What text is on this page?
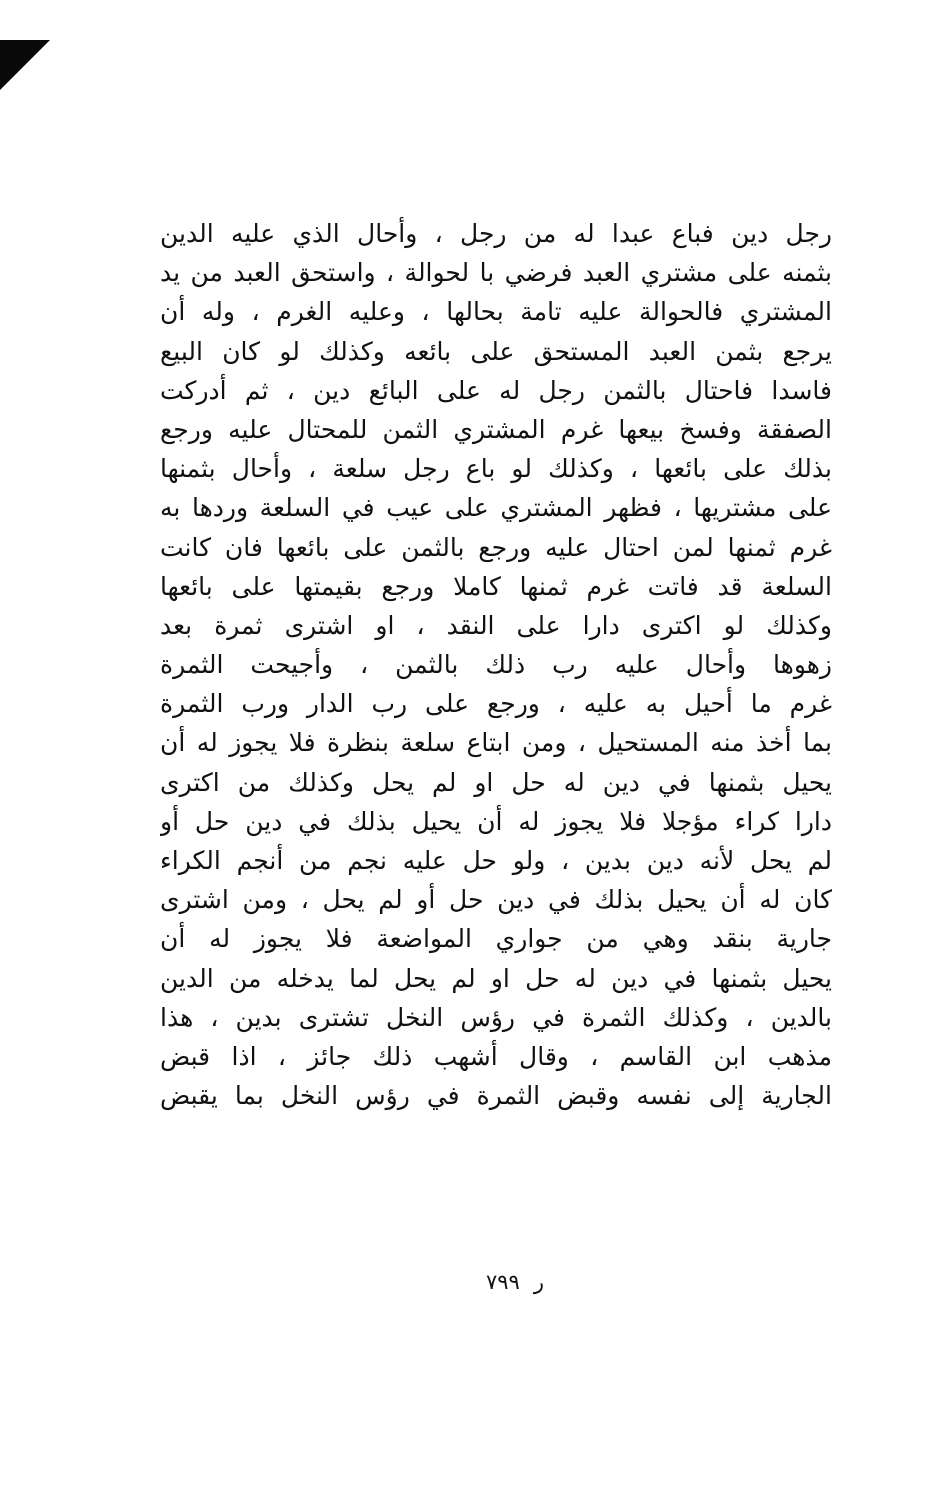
رجل دين فباع عبدا له من رجل ، وأحال الذي عليه الدين
بثمنه على مشتري العبد فرضي با لحوالة ، واستحق العبد من يد
المشتري فالحوالة عليه تامة بحالها ، وعليه الغرم ، وله أن
يرجع بثمن العبد المستحق على بائعه وكذلك لو كان البيع
فاسدا فاحتال بالثمن رجل له على البائع دين ، ثم أدركت
الصفقة وفسخ بيعها غرم المشتري الثمن للمحتال عليه ورجع
بذلك على بائعها ، وكذلك لو باع رجل سلعة ، وأحال بثمنها
على مشتريها ، فظهر المشتري على عيب في السلعة وردها به
غرم ثمنها لمن احتال عليه ورجع بالثمن على بائعها فان كانت
السلعة قد فاتت غرم ثمنها كاملا ورجع بقيمتها على بائعها
وكذلك لو اكترى دارا على النقد ، او اشترى ثمرة بعد
زهوها وأحال عليه رب ذلك بالثمن ، وأجيحت الثمرة
غرم ما أحيل به عليه ، ورجع على رب الدار ورب الثمرة
بما أخذ منه المستحيل ، ومن ابتاع سلعة بنظرة فلا يجوز له أن
يحيل بثمنها في دين له حل او لم يحل وكذلك من اكترى
دارا كراء مؤجلا فلا يجوز له أن يحيل بذلك في دين حل أو
لم يحل لأنه دين بدين ، ولو حل عليه نجم من أنجم الكراء
كان له أن يحيل بذلك في دين حل أو لم يحل ، ومن اشترى
جارية بنقد وهي من جواري المواضعة فلا يجوز له أن
يحيل بثمنها في دين له حل او لم يحل لما يدخله من الدين
بالدين ، وكذلك الثمرة في رؤس النخل تشترى بدين ، هذا
مذهب ابن القاسم ، وقال أشهب ذلك جائز ، اذا قبض
الجارية إلى نفسه وقبض الثمرة في رؤس النخل بما يقبض
ر٧٩٩
